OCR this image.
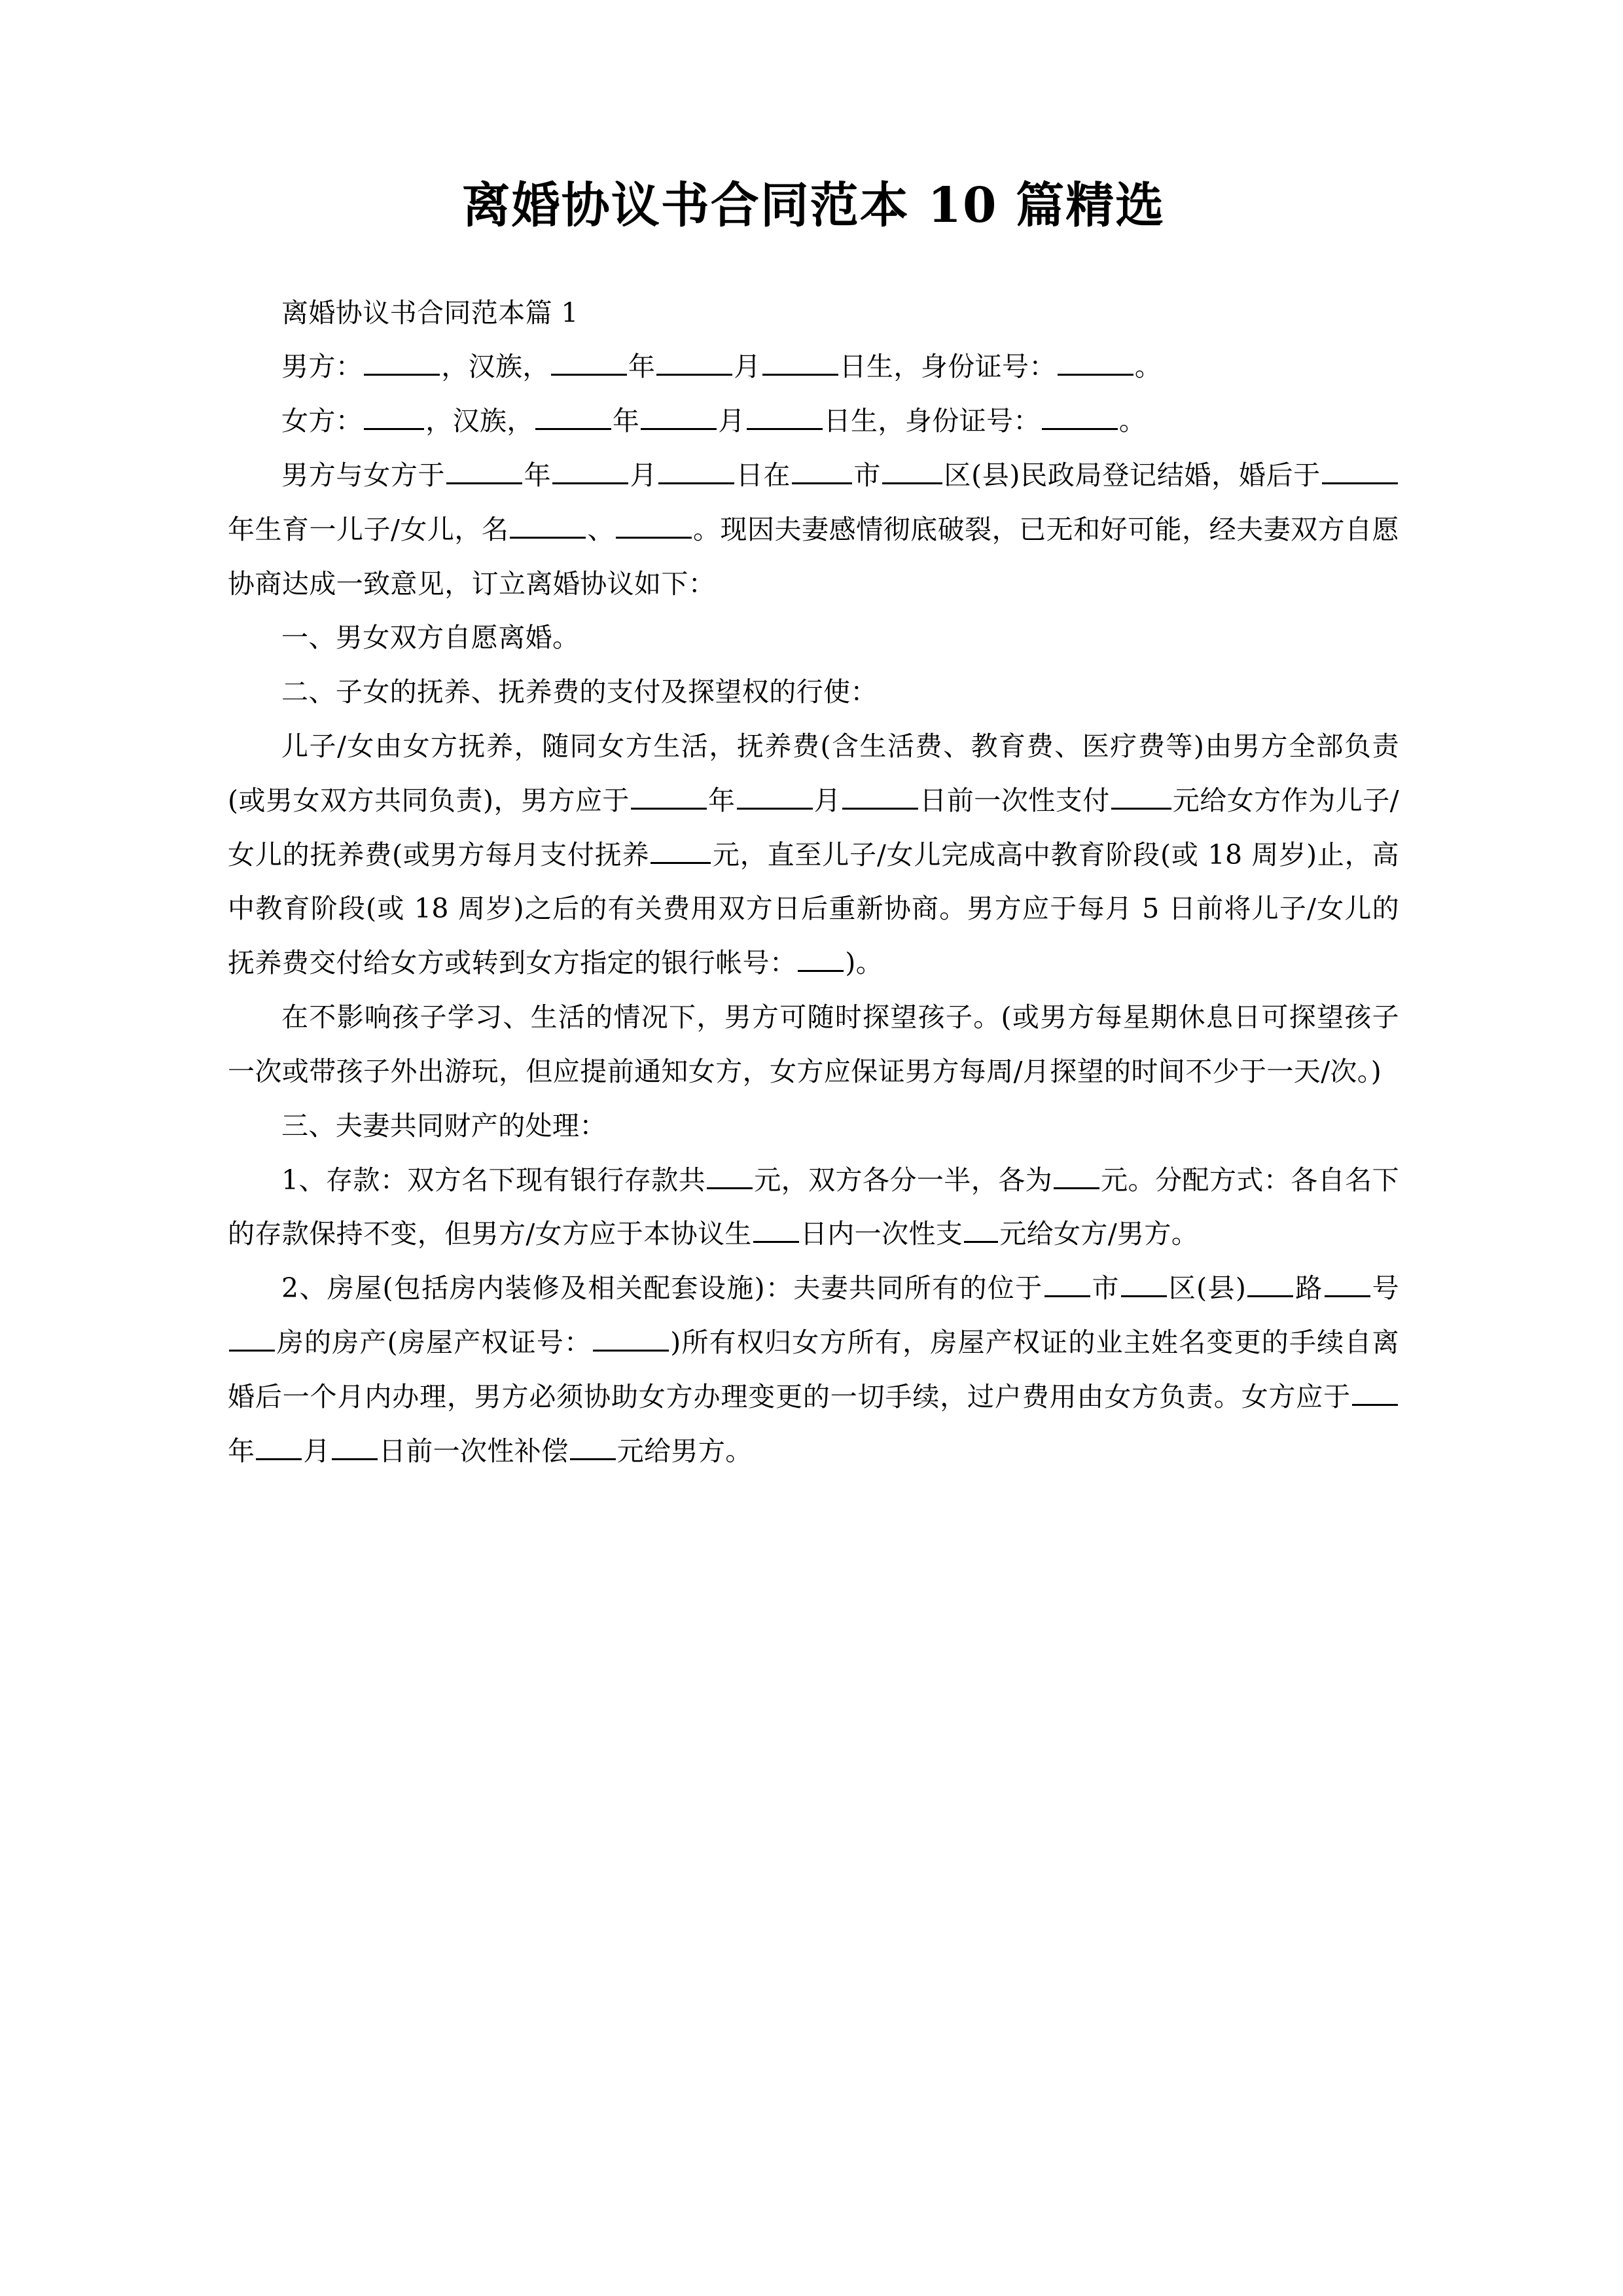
离婚协议书合同范本 10 篇精选

离婚协议书合同范本篇 1

男方：	，汉族，	年	月	日生，身份证号：	。

女方： ，汉族，	年	月	日生，身份证号：	。

男方与女方于	年	月	日在 市 区(县)民政局登记结婚，婚后于年生育一儿子/女儿，名	、	。现因夫妻感情彻底破裂，已无和好可能，经夫妻双方自愿协商达成一致意见，订立离婚协议如下：

一、男女双方自愿离婚。

二、子女的抚养、抚养费的支付及探望权的行使：

儿子/女由女方抚养，随同女方生活，抚养费(含生活费、教育费、医疗费等)由男方全部负责(或男女双方共同负责)，男方应于	年	月	日前一次性支付 元给女方作为儿子/女儿的抚养费(或男方每月支付抚养 元，直至儿子/女儿完成高中教育阶段(或 18 周岁)止，高中教育阶段(或 18 周岁)之后的有关费用双方日后重新协商。男方应于每月 5 日前将儿子/女儿的抚养费交付给女方或转到女方指定的银行帐号： )。

在不影响孩子学习、生活的情况下，男方可随时探望孩子。(或男方每星期休息日可探望孩子一次或带孩子外出游玩，但应提前通知女方，女方应保证男方每周/月探望的时间不少于一天/次。)

三、夫妻共同财产的处理：

1、存款：双方名下现有银行存款共 元，双方各分一半，各为 元。分配方式：各自名下的存款保持不变，但男方/女方应于本协议生 日内一次性支 元给女方/男方。

2、房屋(包括房内装修及相关配套设施)：夫妻共同所有的位于 市 区(县) 路 号房的房产(房屋产权证号：	)所有权归女方所有，房屋产权证的业主姓名变更的手续自离婚后一个月内办理，男方必须协助女方办理变更的一切手续，过户费用由女方负责。女方应于年 月 日前一次性补偿 元给男方。
